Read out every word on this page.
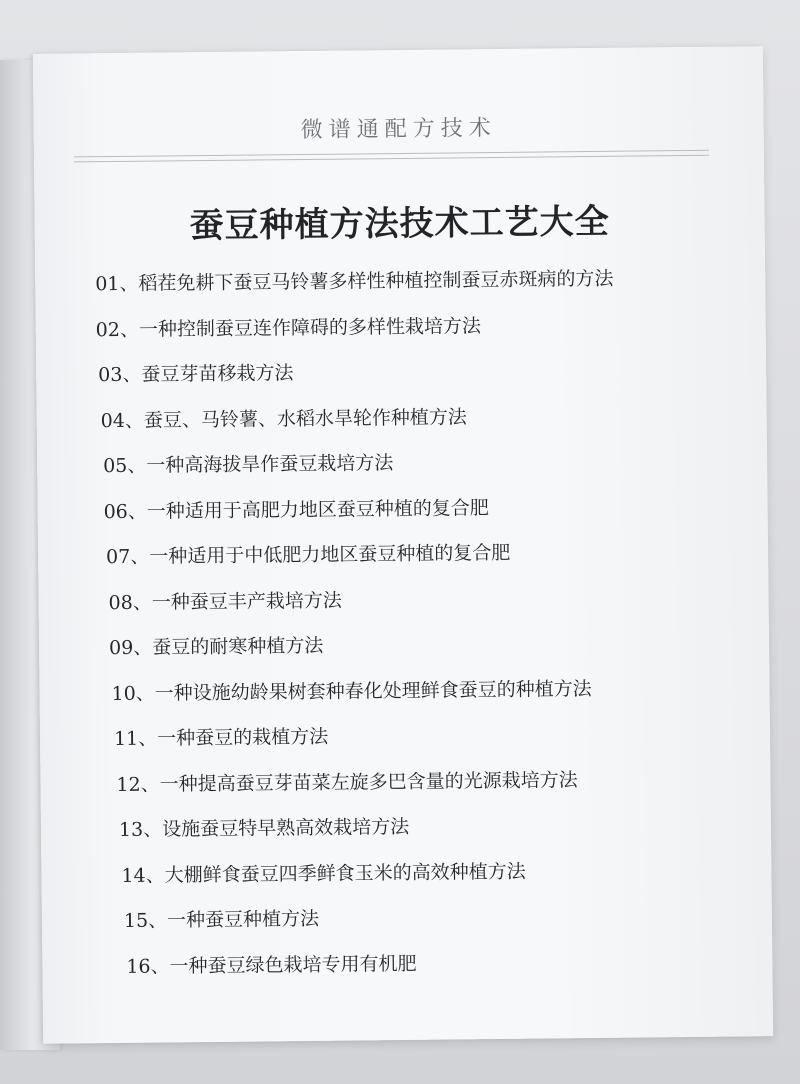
微谱通配方技术
蚕豆种植方法技术工艺大全
01、稻茬免耕下蚕豆马铃薯多样性种植控制蚕豆赤斑病的方法
02、一种控制蚕豆连作障碍的多样性栽培方法
03、蚕豆芽苗移栽方法
04、蚕豆、马铃薯、水稻水旱轮作种植方法
05、一种高海拔旱作蚕豆栽培方法
06、一种适用于高肥力地区蚕豆种植的复合肥
07、一种适用于中低肥力地区蚕豆种植的复合肥
08、一种蚕豆丰产栽培方法
09、蚕豆的耐寒种植方法
10、一种设施幼龄果树套种春化处理鲜食蚕豆的种植方法
11、一种蚕豆的栽植方法
12、一种提高蚕豆芽苗菜左旋多巴含量的光源栽培方法
13、设施蚕豆特早熟高效栽培方法
14、大棚鲜食蚕豆四季鲜食玉米的高效种植方法
15、一种蚕豆种植方法
16、一种蚕豆绿色栽培专用有机肥
